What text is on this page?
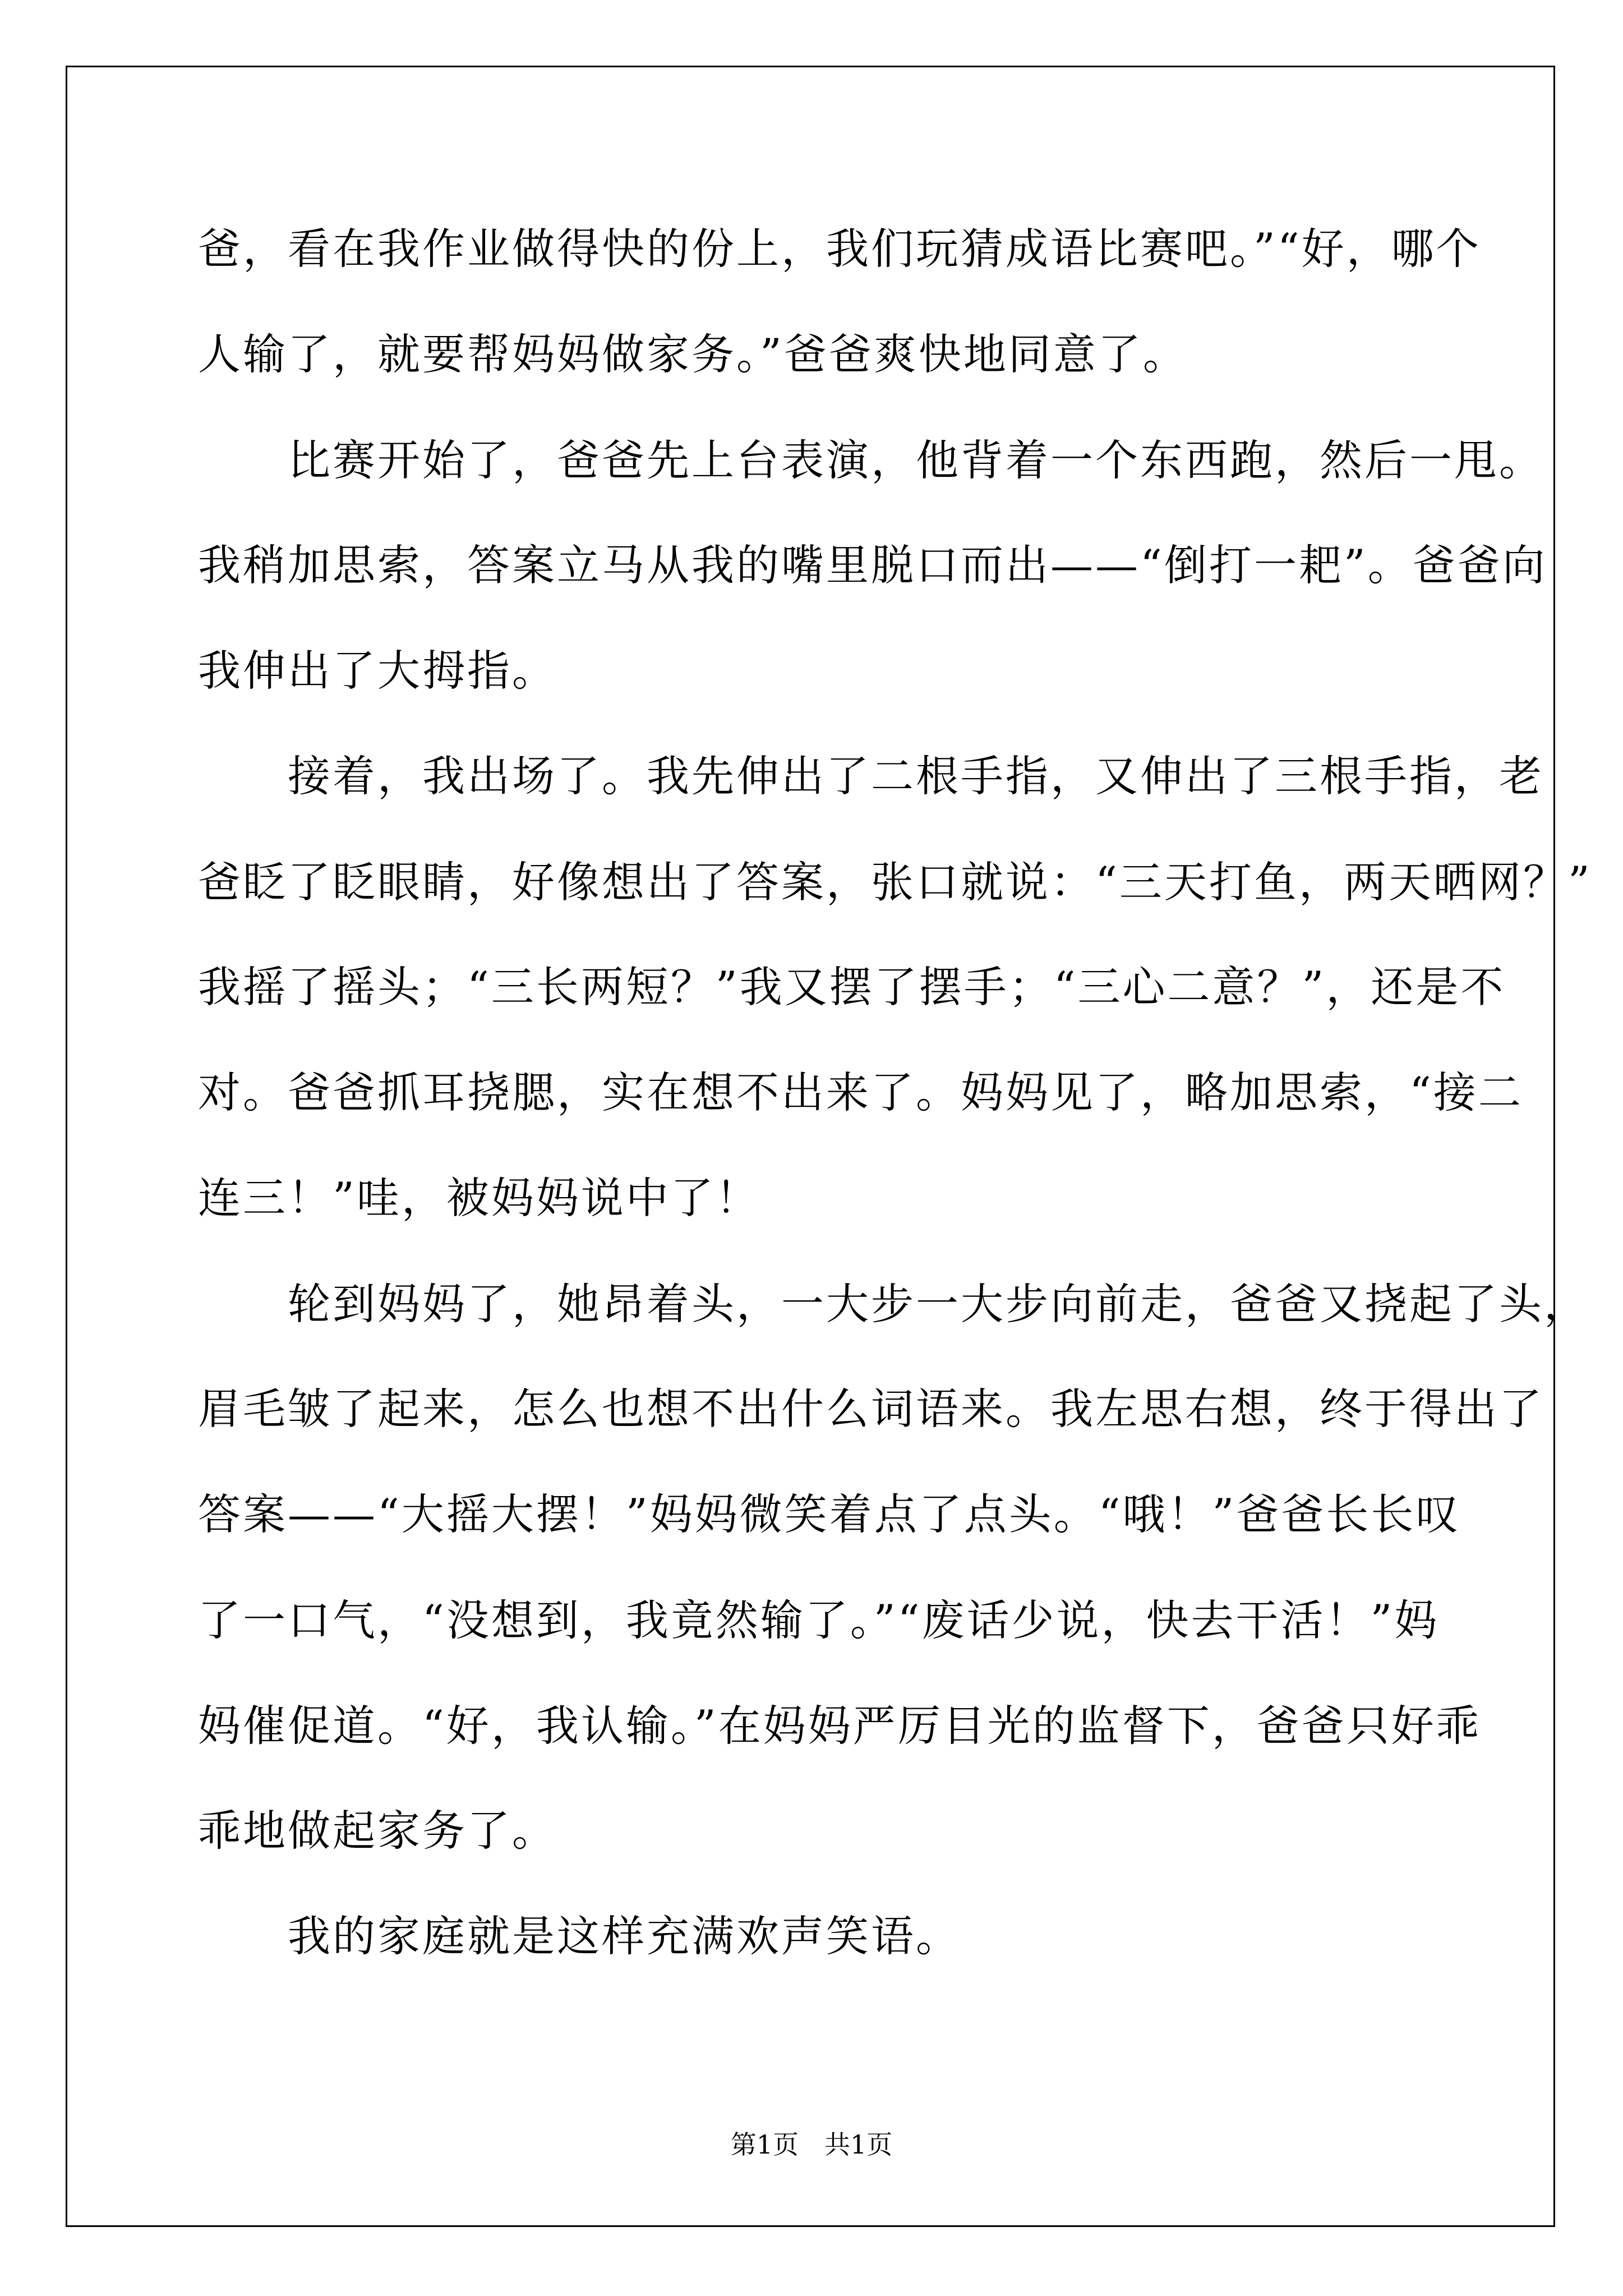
爸，看在我作业做得快的份上，我们玩猜成语比赛吧。”“好，哪个
人输了，就要帮妈妈做家务。”爸爸爽快地同意了。
　　比赛开始了，爸爸先上台表演，他背着一个东西跑，然后一甩。
我稍加思索，答案立马从我的嘴里脱口而出——“倒打一耙”。爸爸向
我伸出了大拇指。
　　接着，我出场了。我先伸出了二根手指，又伸出了三根手指，老
爸眨了眨眼睛，好像想出了答案，张口就说：“三天打鱼，两天晒网？”
我摇了摇头；“三长两短？”我又摆了摆手；“三心二意？”，还是不
对。爸爸抓耳挠腮，实在想不出来了。妈妈见了，略加思索，“接二
连三！”哇，被妈妈说中了！
　　轮到妈妈了，她昂着头，一大步一大步向前走，爸爸又挠起了头，
眉毛皱了起来，怎么也想不出什么词语来。我左思右想，终于得出了
答案——“大摇大摆！”妈妈微笑着点了点头。“哦！”爸爸长长叹
了一口气，“没想到，我竟然输了。”“废话少说，快去干活！”妈
妈催促道。“好，我认输。”在妈妈严厉目光的监督下，爸爸只好乖
乖地做起家务了。
　　我的家庭就是这样充满欢声笑语。
第1页　共1页
